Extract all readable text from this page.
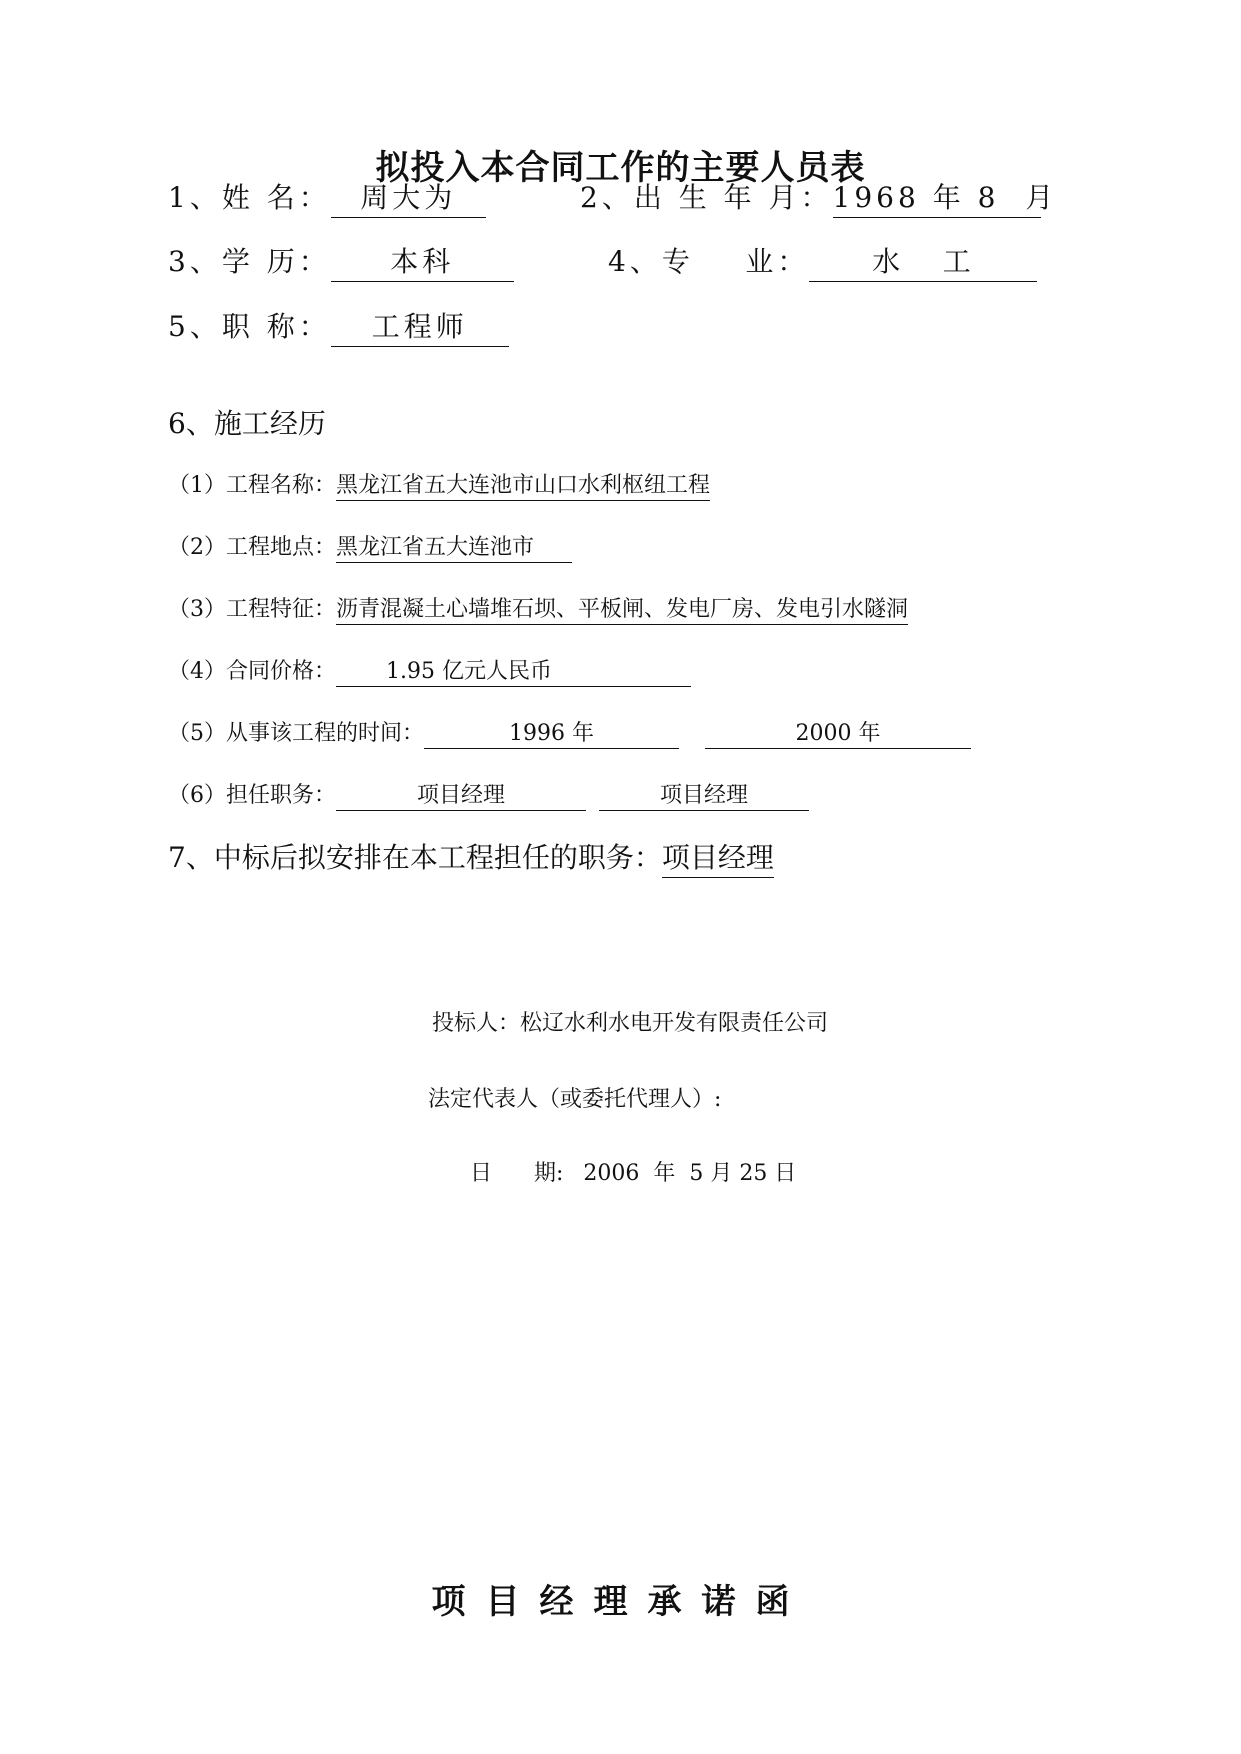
拟投入本合同工作的主要人员表
1、姓 名： 周大为	2、出 生 年 月：1968 年 8  月
3、学 历： 本科	4、专    业： 水   工
5、职 称： 工程师
6、施工经历
（1）工程名称：黑龙江省五大连池市山口水利枢纽工程
（2）工程地点：黑龙江省五大连池市
（3）工程特征：沥青混凝土心墙堆石坝、平板闸、发电厂房、发电引水隧洞
（4）合同价格： 1.95 亿元人民币
（5）从事该工程的时间：	1996 年	2000 年
（6）担任职务：	项目经理	项目经理
7、中标后拟安排在本工程担任的职务：项目经理
投标人：松辽水利水电开发有限责任公司
法定代表人（或委托代理人）:
日      期: 2006  年  5 月 25 日
项目经理承诺函
